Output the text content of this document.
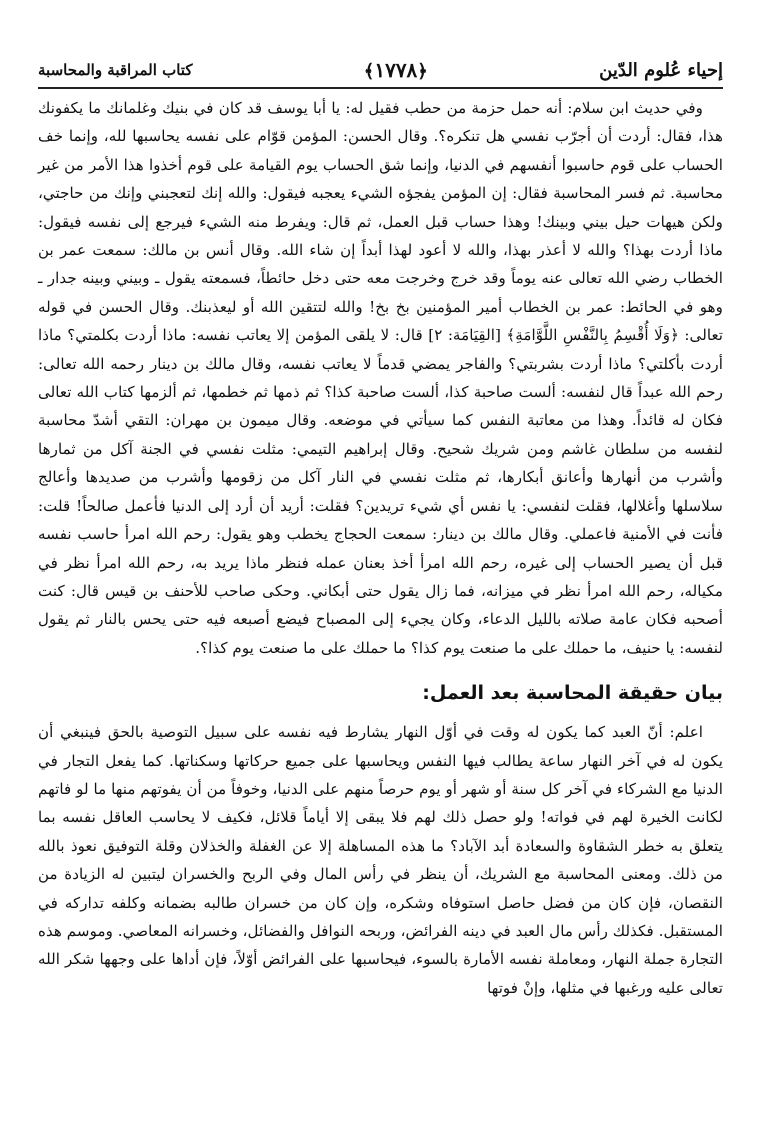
إحياء عُلوم الدّين
﴿١٧٧٨﴾
كتاب المراقبة والمحاسبة

وفي حديث ابن سلام: أنه حمل حزمة من حطب فقيل له: يا أبا يوسف قد كان في بنيك وغلمانك ما يكفونك هذا، فقال: أردت أن أجرّب نفسي هل تنكره؟. وقال الحسن: المؤمن قوّام على نفسه يحاسبها لله، وإنما خف الحساب على قوم حاسبوا أنفسهم في الدنيا، وإنما شق الحساب يوم القيامة على قوم أخذوا هذا الأمر من غير محاسبة. ثم فسر المحاسبة فقال: إن المؤمن يفجؤه الشيء يعجبه فيقول: والله إنك لتعجبني وإنك من حاجتي، ولكن هيهات حيل بيني وبينك! وهذا حساب قبل العمل، ثم قال: ويفرط منه الشيء فيرجع إلى نفسه فيقول: ماذا أردت بهذا؟ والله لا أعذر بهذا، والله لا أعود لهذا أبداً إن شاء الله. وقال أنس بن مالك: سمعت عمر بن الخطاب رضي الله تعالى عنه يوماً وقد خرج وخرجت معه حتى دخل حائطاً، فسمعته يقول ـ وبيني وبينه جدار ـ وهو في الحائط: عمر بن الخطاب أمير المؤمنين بخ بخ! والله لتتقين الله أو ليعذبنك. وقال الحسن في قوله تعالى: ﴿وَلَا أُقْسِمُ بِالنَّفْسِ اللَّوَّامَةِ﴾ [القِيَامَة: ٢] قال: لا يلقى المؤمن إلا يعاتب نفسه: ماذا أردت بكلمتي؟ ماذا أردت بأكلتي؟ ماذا أردت بشربتي؟ والفاجر يمضي قدماً لا يعاتب نفسه، وقال مالك بن دينار رحمه الله تعالى: رحم الله عبداً قال لنفسه: ألست صاحبة كذا، ألست صاحبة كذا؟ ثم ذمها ثم خطمها، ثم ألزمها كتاب الله تعالى فكان له قائداً. وهذا من معاتبة النفس كما سيأتي في موضعه. وقال ميمون بن مهران: التقي أشدّ محاسبة لنفسه من سلطان غاشم ومن شريك شحيح. وقال إبراهيم التيمي: مثلت نفسي في الجنة آكل من ثمارها وأشرب من أنهارها وأعانق أبكارها، ثم مثلت نفسي في النار آكل من زقومها وأشرب من صديدها وأعالج سلاسلها وأغلالها، فقلت لنفسي: يا نفس أي شيء تريدين؟ فقلت: أريد أن أرد إلى الدنيا فأعمل صالحاً! قلت: فأنت في الأمنية فاعملي. وقال مالك بن دينار: سمعت الحجاج يخطب وهو يقول: رحم الله امرأ حاسب نفسه قبل أن يصير الحساب إلى غيره، رحم الله امرأ أخذ بعنان عمله فنظر ماذا يريد به، رحم الله امرأ نظر في مكياله، رحم الله امرأ نظر في ميزانه، فما زال يقول حتى أبكاني. وحكى صاحب للأحنف بن قيس قال: كنت أصحبه فكان عامة صلاته بالليل الدعاء، وكان يجيء إلى المصباح فيضع أصبعه فيه حتى يحس بالنار ثم يقول لنفسه: يا حنيف، ما حملك على ما صنعت يوم كذا؟ ما حملك على ما صنعت يوم كذا؟.

بيان حقيقة المحاسبة بعد العمل:

اعلم: أنّ العبد كما يكون له وقت في أوّل النهار يشارط فيه نفسه على سبيل التوصية بالحق فينبغي أن يكون له في آخر النهار ساعة يطالب فيها النفس ويحاسبها على جميع حركاتها وسكناتها. كما يفعل التجار في الدنيا مع الشركاء في آخر كل سنة أو شهر أو يوم حرصاً منهم على الدنيا، وخوفاً من أن يفوتهم منها ما لو فاتهم لكانت الخيرة لهم في فواته! ولو حصل ذلك لهم فلا يبقى إلا أياماً قلائل، فكيف لا يحاسب العاقل نفسه بما يتعلق به خطر الشقاوة والسعادة أبد الآباد؟ ما هذه المساهلة إلا عن الغفلة والخذلان وقلة التوفيق نعوذ بالله من ذلك. ومعنى المحاسبة مع الشريك، أن ينظر في رأس المال وفي الربح والخسران ليتبين له الزيادة من النقصان، فإن كان من فضل حاصل استوفاه وشكره، وإن كان من خسران طالبه بضمانه وكلفه تداركه في المستقبل. فكذلك رأس مال العبد في دينه الفرائض، وربحه النوافل والفضائل، وخسرانه المعاصي. وموسم هذه التجارة جملة النهار، ومعاملة نفسه الأمارة بالسوء، فيحاسبها على الفرائض أوّلاً، فإن أداها على وجهها شكر الله تعالى عليه ورغبها في مثلها، وإنْ فوتها
